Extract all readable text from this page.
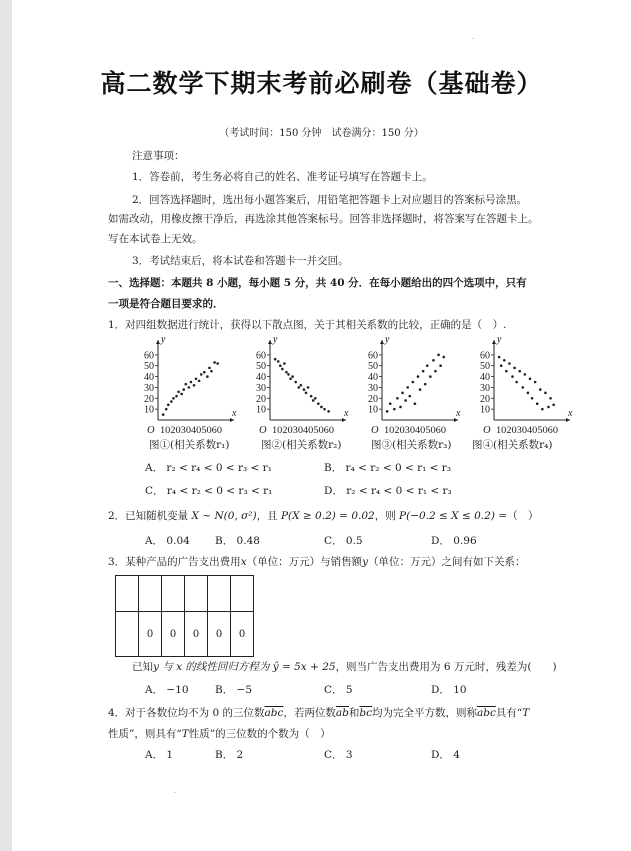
·
高二数学下期末考前必刷卷（基础卷）
（考试时间：150 分钟　试卷满分：150 分）
注意事项：
1．答卷前，考生务必将自己的姓名、准考证号填写在答题卡上。
2．回答选择题时，选出每小题答案后，用铅笔把答题卡上对应题目的答案标号涂黑。
如需改动，用橡皮擦干净后，再选涂其他答案标号。回答非选择题时，将答案写在答题卡上。
写在本试卷上无效。
3．考试结束后，将本试卷和答题卡一并交回。
一、选择题：本题共 8 小题，每小题 5 分，共 40 分．在每小题给出的四个选项中，只有
一项是符合题目要求的．
1．对四组数据进行统计，获得以下散点图，关于其相关系数的比较，正确的是（　）.
10
20
30
40
50
60
102030405060
O
x
y
10
20
30
40
50
60
102030405060
O
x
y
10
20
30
40
50
60
102030405060
O
x
y
10
20
30
40
50
60
102030405060
O
x
y
图①(相关系数r₁)	图②(相关系数r₂)	图③(相关系数r₃) 图④(相关系数r₄)
A． r₂ < r₄ < 0 < r₃ < r₁	B． r₄ < r₂ < 0 < r₁ < r₃
C． r₄ < r₂ < 0 < r₃ < r₁	D． r₂ < r₄ < 0 < r₁ < r₃
2．已知随机变量 X ~ N(0, σ²)，且 P(X ≥ 0.2) = 0.02，则 P(−0.2 ≤ X ≤ 0.2) =（　）
A． 0.04 B． 0.48	C． 0.5	D． 0.96
3．某种产品的广告支出费用x（单位：万元）与销售额y（单位：万元）之间有如下关系：

	0	0	0	0	0
已知y 与 x 的线性回归方程为 ŷ = 5x + 25，则当广告支出费用为 6 万元时，残差为(　　)
A． −10	B． −5	C． 5	D． 10
4．对于各数位均不为 0 的三位数$\overline{abc}$，若两位数$\overline{ab}$和$\overline{bc}$均为完全平方数，则称$\overline{abc}$具有“T
性质”，则具有“T性质”的三位数的个数为（　）
A． 1	B． 2	C． 3	D． 4
·
